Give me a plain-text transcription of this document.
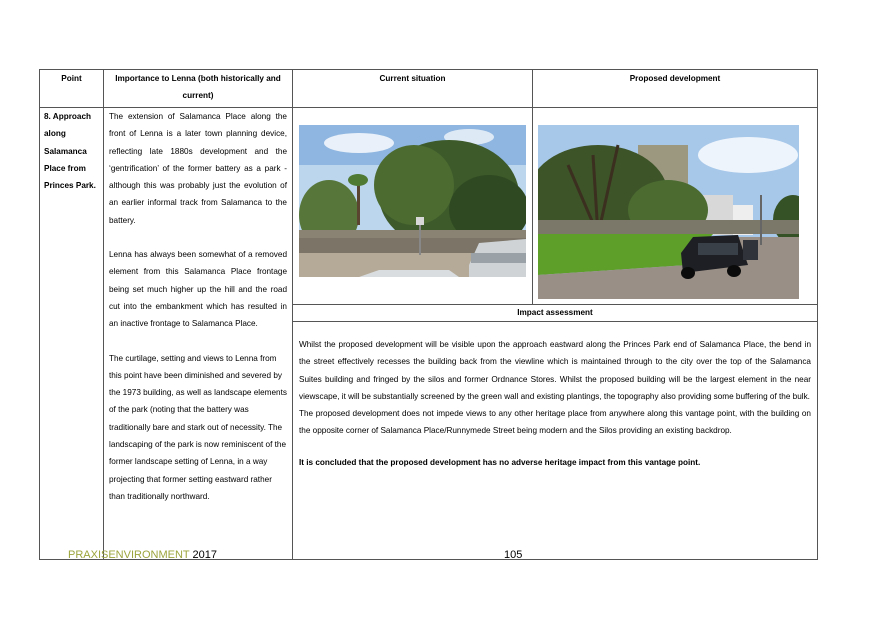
Point	Importance to Lenna (both historically and current)	Current situation	Proposed development
8. Approach along Salamanca Place from Princes Park.	The extension of Salamanca Place along the front of Lenna is a later town planning device, reflecting late 1880s development and the ‘gentrification’ of the former battery as a park - although this was probably just the evolution of an earlier informal track from Salamanca to the battery.

Lenna has always been somewhat of a removed element from this Salamanca Place frontage being set much higher up the hill and the road cut into the embankment which has resulted in an inactive frontage to Salamanca Place.

The curtilage, setting and views to Lenna from this point have been diminished and severed by the 1973 building, as well as landscape elements of the park (noting that the battery was traditionally bare and stark out of necessity. The landscaping of the park is now reminiscent of the former landscape setting of Lenna, in a way projecting that former setting eastward rather than traditionally northward.

		Impact assessment	

		Whilst the proposed development will be visible upon the approach eastward along the Princes Park end of Salamanca Place, the bend in the street effectively recesses the building back from the viewline which is maintained through to the city over the top of the Salamanca Suites building and fringed by the silos and former Ordnance Stores. Whilst the proposed building will be the largest element in the near viewscape, it will be substantially screened by the green wall and existing plantings, the topography also providing some buffering of the bulk.

The proposed development does not impede views to any other heritage place from anywhere along this vantage point, with the building on the opposite corner of Salamanca Place/Runnymede Street being modern and the Silos providing an existing backdrop.

It is concluded that the proposed development has no adverse heritage impact from this vantage point.	

PRAXISENVIRONMENT 2017	105
